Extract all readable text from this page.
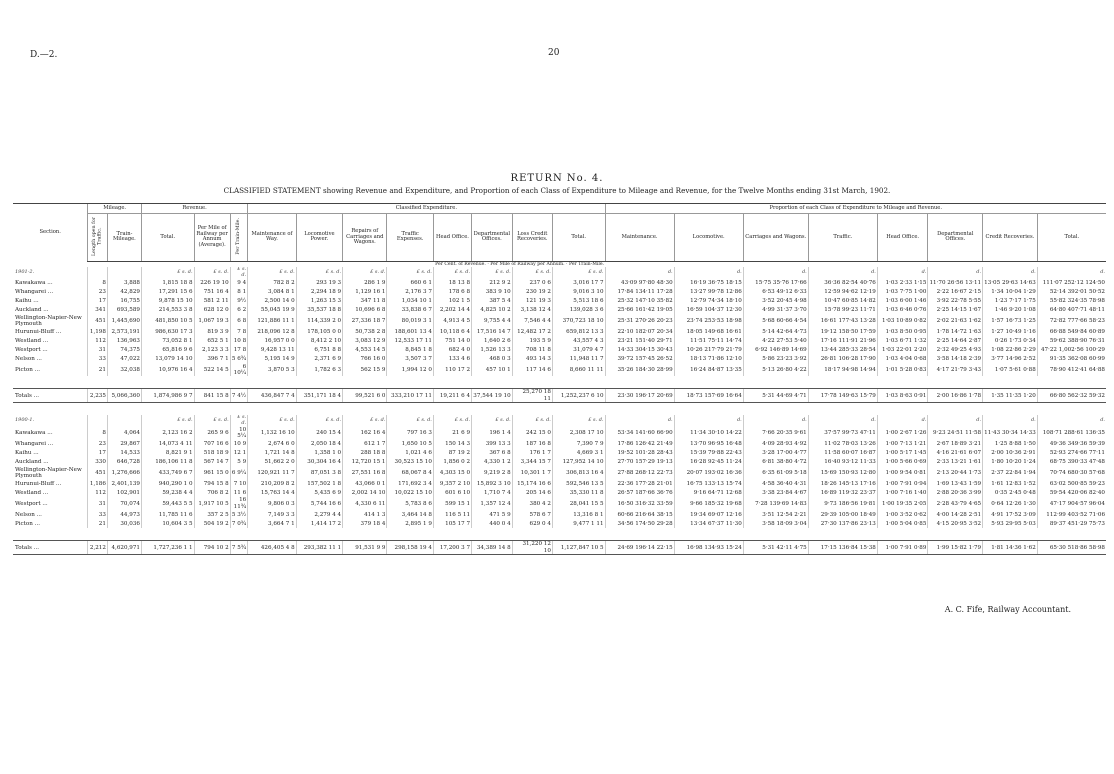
D.—2.	20
RETURN No. 4.
CLASSIFIED STATEMENT showing Revenue and Expenditure, and Proportion of each Class of Expenditure to Mileage and Revenue, for the Twelve Months ending 31st March, 1902.
Section.	Mileage.		Revenue.			Classified Expenditure.								Proportion of each Class of Expenditure to Mileage and Revenue.							
	Length open for Traffic.	Train-Mileage.	Total.	Per Mile of Railway per Annum (Average).	Per Train-Mile.	Maintenance of Way.	Locomotive Power.	Repairs of Carriages and Wagons.	Traffic Expenses.	Head Office.	Departmental Offices.	Loss Credit Recoveries.	Total.	Maintenance.	Locomotive.	Carriages and Wagons.	Traffic.	Head Office.	Departmental Offices.	Credit Recoveries.	Total.
Per Cent. of Revenue. · Per Mile of Railway per Annum. · Per Train-Mile.																					
1901-2.			£ s. d.	£ s. d.	£ s. d.	£ s. d.	£ s. d.	£ s. d.	£ s. d.	£ s. d.	£ s. d.	£ s. d.	£ s. d.	d.	d.	d.	d.	d.	d.	d.	d.
Kawakawa ...	8	3,888	1,815 18 8	226 19 10	9 4	782 8 2	293 19 3	286 1 9	660 6 1	18 13 8	212 9 2	237 0 6	3,016 17 7	43·09 97·80 48·30	16·19 36·75 18·15	15·75 35·76 17·66	36·36 82·54 40·76	1·03 2·33 1·15	11·70 26·56 13·11	13·05 29·63 14·63	111·07 252·12 124·50
Whangarei ...	23	42,829	17,291 15 6	751 16 4	8 1	3,084 8 1	2,294 18 9	1,129 16 1	2,176 3 7	178 6 8	383 9 10	230 19 2	9,016 3 10	17·84 134·11 17·28	13·27 99·78 12·86	6·53 49·12 6·33	12·59 94·62 12·19	1·03 7·75 1·00	2·22 16·67 2·15	1·34 10·04 1·29	52·14 392·01 50·52
Kaihu ...	17	16,755	9,878 15 10	581 2 11	9½	2,500 14 0	1,263 15 3	347 11 8	1,034 10 1	102 1 5	387 5 4	121 19 3	5,513 18 6	25·32 147·10 35·82	12·79 74·34 18·10	3·52 20·45 4·98	10·47 60·85 14·82	1·03 6·00 1·46	3·92 22·78 5·55	1·23 7·17 1·75	55·82 324·35 78·98
Auckland ...	341	693,589	214,553 3 8	628 12 0	6 2	55,045 19 9	35,537 18 8	10,696 6 8	33,838 6 7	2,202 14 4	4,825 10 2	3,138 12 4	139,028 3 6	25·66 161·42 19·05	16·59 104·37 12·30	4·99 31·37 3·70	15·78 99·23 11·71	1·03 6·46 0·76	2·25 14·15 1·67	1·46 9·20 1·08	64·80 407·71 48·11
Wellington-Napier-New Plymouth	451	1,445,690	481,850 10 5	1,067 19 3	6 8	121,886 11 1	114,339 2 0	27,336 18 7	80,019 3 1	4,913 4 5	9,755 4 4	7,546 4 4	370,723 18 10	25·31 270·26 20·23	23·74 253·53 18·98	5·68 60·66 4·54	16·61 177·43 13·28	1·03 10·89 0·82	2·02 21·63 1·62	1·57 16·73 1·25	72·82 777·66 58·23
Hurunui-Bluff ...	1,198	2,573,191	986,630 17 3	819 3 9	7 8	218,096 12 8	178,105 0 0	50,738 2 8	188,601 13 4	10,118 6 4	17,516 14 7	12,482 17 2	659,812 13 3	22·10 182·07 20·34	18·05 149·68 16·61	5·14 42·64 4·73	19·12 158·50 17·59	1·03 8·50 0·95	1·78 14·72 1·63	1·27 10·49 1·16	66·88 549·84 60·89
Westland ...	112	136,963	73,052 8 1	652 5 1	10 8	16,957 0 0	8,412 2 10	3,083 12 9	12,533 17 11	751 14 0	1,640 2 6	193 5 9	43,557 4 3	23·21 151·40 29·71	11·51 75·11 14·74	4·22 27·53 5·40	17·16 111·91 21·96	1·03 6·71 1·32	2·25 14·64 2·87	0·26 1·73 0·34	59·62 388·90 76·31
Westport ...	31	74,375	65,816 9 6	2,123 3 3	17 8	9,428 13 11	6,751 8 8	4,553 14 5	8,845 1 8	682 4 0	1,526 13 3	708 11 8	31,079 4 7	14·33 304·15 30·43	10·26 217·79 21·79	6·92 146·89 14·69	13·44 285·33 28·54	1·03 22·01 2·20	2·32 49·25 4·93	1·08 22·86 2·29	47·22 1,002·56 100·29
Nelson ...	33	47,022	13,079 14 10	396 7 1	5 6¾	5,195 14 9	2,371 6 9	766 16 0	3,507 3 7	133 4 6	468 0 3	493 14 3	11,948 11 7	39·72 157·45 26·52	18·13 71·86 12·10	5·86 23·23 3·92	26·81 106·28 17·90	1·03 4·04 0·68	3·58 14·18 2·39	3·77 14·96 2·52	91·35 362·08 60·99
Picton ...	21	32,038	10,976 16 4	522 14 5	6 10¼	3,870 5 3	1,782 6 3	562 15 9	1,994 12 0	110 17 2	457 10 1	117 14 6	8,660 11 11	35·26 184·30 28·99	16·24 84·87 13·35	5·13 26·80 4·22	18·17 94·98 14·94	1·01 5·28 0·83	4·17 21·79 3·43	1·07 5·61 0·88	78·90 412·41 64·88

Totals ...	2,235	5,066,360	1,874,986 9 7	841 15 8	7 4½	436,847 7 4	351,171 18 4	99,521 6 0	333,210 17 11	19,211 6 4	37,544 19 10	25,270 18 11	1,252,237 6 10	23·30 196·17 20·69	18·73 157·69 16·64	5·31 44·69 4·71	17·78 149·63 15·79	1·03 8·63 0·91	2·00 16·86 1·78	1·35 11·35 1·20	66·80 562·32 59·32

1900-1.			£ s. d.	£ s. d.	£ s. d.	£ s. d.	£ s. d.	£ s. d.	£ s. d.	£ s. d.	£ s. d.	£ s. d.	£ s. d.	d.	d.	d.	d.	d.	d.	d.	d.
Kawakawa ...	8	4,064	2,123 16 2	265 9 6	10 5¼	1,132 16 10	240 15 4	162 16 4	797 16 3	21 6 9	196 1 4	242 15 0	2,308 17 10	53·34 141·60 66·90	11·34 30·10 14·22	7·66 20·35 9·61	37·57 99·73 47·11	1·00 2·67 1·26	9·23 24·51 11·58	11·43 30·34 14·33	108·71 288·61 136·35
Whangarei ...	23	29,867	14,073 4 11	707 16 6	10 9	2,674 6 0	2,050 18 4	612 1 7	1,650 10 5	150 14 3	399 13 3	187 16 8	7,390 7 9	17·86 126·42 21·49	13·70 96·95 16·48	4·09 28·93 4·92	11·02 78·03 13·26	1·00 7·13 1·21	2·67 18·89 3·21	1·25 8·88 1·50	49·36 349·36 59·39
Kaihu ...	17	14,533	8,821 9 1	518 18 9	12 1	1,721 14 8	1,358 1 0	288 18 8	1,021 4 6	87 19 2	367 6 8	176 1 7	4,669 3 1	19·52 101·28 28·43	15·39 79·88 22·43	3·28 17·00 4·77	11·58 60·07 16·87	1·00 5·17 1·45	4·16 21·61 6·07	2·00 10·36 2·91	52·93 274·66 77·11
Auckland ...	330	646,728	186,106 11 8	567 14 7	5 9	51,662 2 0	30,304 16 4	12,720 15 1	30,523 15 10	1,856 0 2	4,330 1 2	3,344 15 7	127,952 14 10	27·70 157·29 19·13	16·28 92·45 11·24	6·81 38·80 4·72	16·40 93·12 11·33	1·00 5·66 0·69	2·33 13·21 1·61	1·80 10·20 1·24	68·75 390·33 47·48
Wellington-Napier-New Plymouth	451	1,276,666	433,749 6 7	961 15 0	6 9¼	120,921 11 7	87,051 3 8	27,551 16 8	68,067 8 4	4,303 15 0	9,219 2 8	10,301 1 7	306,813 16 4	27·88 268·12 22·73	20·07 193·02 16·36	6·35 61·09 5·18	15·69 150·93 12·80	1·00 9·54 0·81	2·13 20·44 1·73	2·37 22·84 1·94	70·74 680·30 57·68
Hurunui-Bluff ...	1,186	2,401,139	940,290 1 0	794 15 8	7 10	210,209 8 2	157,502 1 8	43,066 0 1	171,692 3 4	9,357 2 10	15,892 3 10	15,174 16 6	592,546 13 5	22·36 177·28 21·01	16·75 133·13 15·74	4·58 36·40 4·31	18·26 145·13 17·16	1·00 7·91 0·94	1·69 13·43 1·59	1·61 12·83 1·52	63·02 500·85 59·23
Westland ...	112	102,901	59,238 4 4	706 8 2	11 6	15,763 14 4	5,435 6 9	2,002 14 10	10,022 15 10	601 6 10	1,710 7 4	205 14 6	35,330 11 8	26·57 187·66 36·76	9·16 64·71 12·68	3·38 23·84 4·67	16·89 119·32 23·37	1·00 7·16 1·40	2·88 20·36 3·99	0·35 2·45 0·48	59·54 420·06 82·40
Westport ...	31	70,074	59,443 5 5	1,917 10 5	16 11¾	9,806 0 3	5,744 16 6	4,330 6 11	5,783 8 6	599 15 1	1,357 12 4	380 4 2	28,041 15 5	16·50 316·32 33·59	9·66 185·32 19·68	7·28 139·69 14·83	9·73 186·56 19·81	1·00 19·35 2·05	2·28 43·79 4·65	0·64 12·26 1·30	47·17 904·57 96·04
Nelson ...	33	44,973	11,785 11 6	357 2 5	5 3½	7,149 3 3	2,279 4 4	414 1 3	3,464 14 8	116 5 11	471 5 9	578 6 7	13,316 8 1	60·66 216·64 38·15	19·34 69·07 12·16	3·51 12·54 2·21	29·39 105·00 18·49	1·00 3·52 0·62	4·00 14·28 2·51	4·91 17·52 3·09	112·99 403·52 71·06
Picton ...	21	30,036	10,604 3 5	504 19 2	7 0¾	3,664 7 1	1,414 17 2	379 18 4	2,895 1 9	105 17 7	440 0 4	629 0 4	9,477 1 11	34·56 174·50 29·28	13·34 67·37 11·30	3·58 18·09 3·04	27·30 137·86 23·13	1·00 5·04 0·85	4·15 20·95 3·52	5·93 29·95 5·03	89·37 451·29 75·73

Totals ...	2,212	4,620,971	1,727,236 1 1	794 10 2	7 5¾	426,405 4 8	293,382 11 1	91,531 9 9	298,158 19 4	17,200 3 7	34,389 14 8	31,220 12 10	1,127,847 10 5	24·69 196·14 22·15	16·98 134·93 15·24	5·31 42·11 4·75	17·15 136·84 15·38	1·00 7·91 0·89	1·99 15·82 1·79	1·81 14·36 1·62	65·30 518·86 58·98
A. C. Fife, Railway Accountant.
